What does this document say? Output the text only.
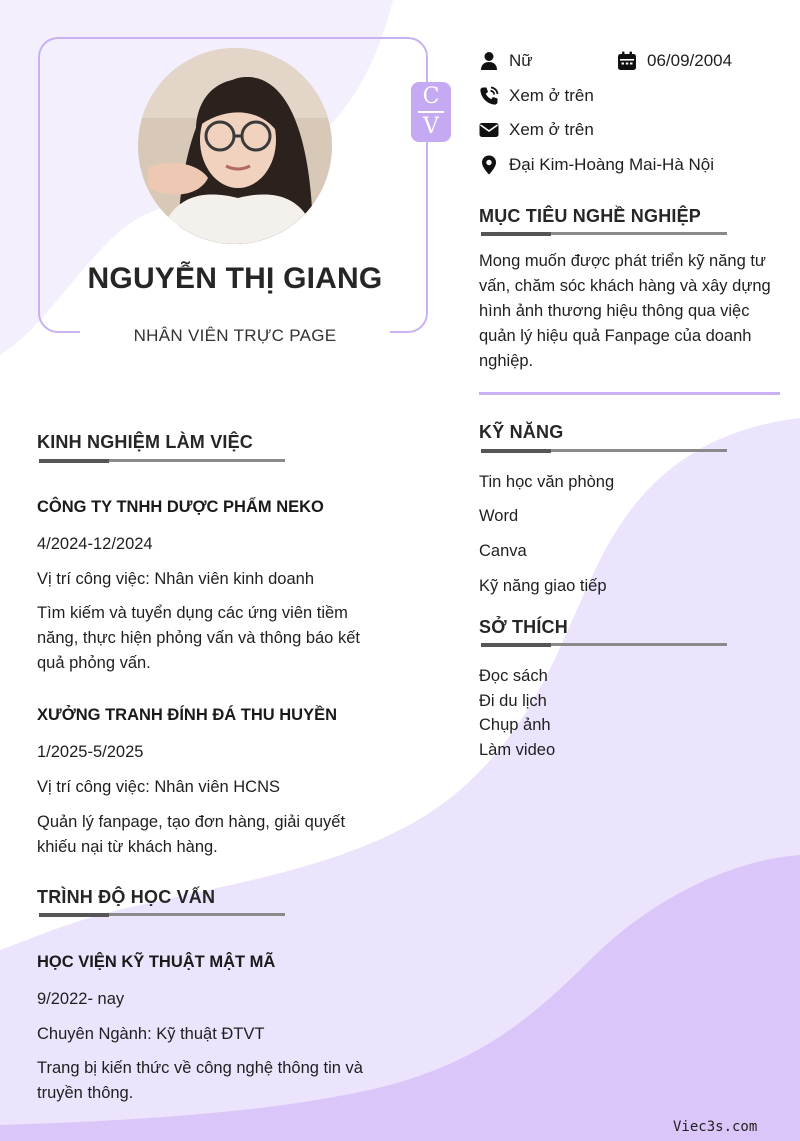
NGUYỄN THỊ GIANG
NHÂN VIÊN TRỰC PAGE
C
V
Nữ	06/09/2004
Xem ở trên
Xem ở trên
Đại Kim-Hoàng Mai-Hà Nội
MỤC TIÊU NGHỀ NGHIỆP
Mong muốn được phát triển kỹ năng tư
vấn, chăm sóc khách hàng và xây dựng
hình ảnh thương hiệu thông qua việc
quản lý hiệu quả Fanpage của doanh
nghiệp.
KỸ NĂNG
Tin học văn phòng
Word
Canva
Kỹ năng giao tiếp
SỞ THÍCH
Đọc sách
Đi du lịch
Chụp ảnh
Làm video
KINH NGHIỆM LÀM VIỆC
CÔNG TY TNHH DƯỢC PHẨM NEKO
4/2024-12/2024
Vị trí công việc: Nhân viên kinh doanh
Tìm kiếm và tuyển dụng các ứng viên tiềm
năng, thực hiện phỏng vấn và thông báo kết
quả phỏng vấn.
XƯỞNG TRANH ĐÍNH ĐÁ THU HUYỀN
1/2025-5/2025
Vị trí công việc: Nhân viên HCNS
Quản lý fanpage, tạo đơn hàng, giải quyết
khiếu nại từ khách hàng.
TRÌNH ĐỘ HỌC VẤN
HỌC VIỆN KỸ THUẬT MẬT MÃ
9/2022- nay
Chuyên Ngành: Kỹ thuật ĐTVT
Trang bị kiến thức về công nghệ thông tin và
truyền thông.
Viec3s.com
